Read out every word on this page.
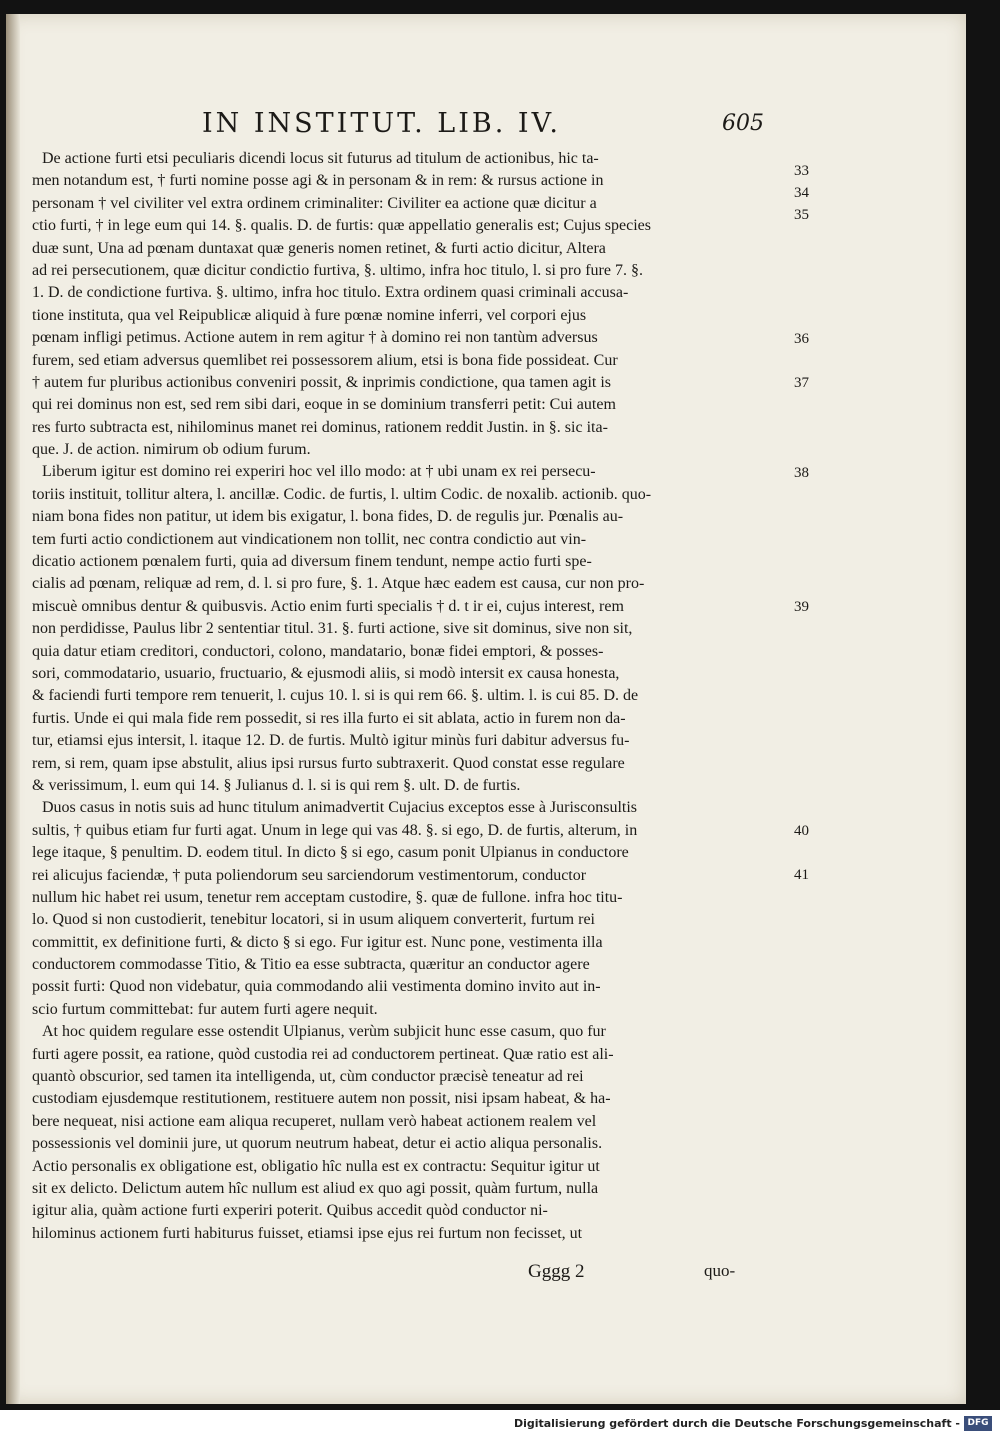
IN INSTITUT. LIB. IV.	605
De actione furti etsi peculiaris dicendi locus sit futurus ad titulum de actionibus, hic ta-
men notandum est, † furti nomine posse agi & in personam & in rem: & rursus actione in
personam † vel civiliter vel extra ordinem criminaliter: Civiliter ea actione quæ dicitur a
ctio furti, † in lege eum qui 14. §. qualis. D. de furtis: quæ appellatio generalis est; Cujus species
duæ sunt, Una ad pœnam duntaxat quæ generis nomen retinet, & furti actio dicitur, Altera
ad rei persecutionem, quæ dicitur condictio furtiva, §. ultimo, infra hoc titulo, l. si pro fure 7. §.
1. D. de condictione furtiva. §. ultimo, infra hoc titulo. Extra ordinem quasi criminali accusa-
tione instituta, qua vel Reipublicæ aliquid à fure pœnæ nomine inferri, vel corpori ejus
pœnam infligi petimus. Actione autem in rem agitur † à domino rei non tantùm adversus
furem, sed etiam adversus quemlibet rei possessorem alium, etsi is bona fide possideat. Cur
† autem fur pluribus actionibus conveniri possit, & inprimis condictione, qua tamen agit is
qui rei dominus non est, sed rem sibi dari, eoque in se dominium transferri petit: Cui autem
res furto subtracta est, nihilominus manet rei dominus, rationem reddit Justin. in §. sic ita-
que. J. de action. nimirum ob odium furum.
Liberum igitur est domino rei experiri hoc vel illo modo: at † ubi unam ex rei persecu-
toriis instituit, tollitur altera, l. ancillæ. Codic. de furtis, l. ultim Codic. de noxalib. actionib. quo-
niam bona fides non patitur, ut idem bis exigatur, l. bona fides, D. de regulis jur. Pœnalis au-
tem furti actio condictionem aut vindicationem non tollit, nec contra condictio aut vin-
dicatio actionem pœnalem furti, quia ad diversum finem tendunt, nempe actio furti spe-
cialis ad pœnam, reliquæ ad rem, d. l. si pro fure, §. 1. Atque hæc eadem est causa, cur non pro-
miscuè omnibus dentur & quibusvis. Actio enim furti specialis † d. t ir ei, cujus interest, rem
non perdidisse, Paulus libr 2 sententiar titul. 31. §. furti actione, sive sit dominus, sive non sit,
quia datur etiam creditori, conductori, colono, mandatario, bonæ fidei emptori, & posses-
sori, commodatario, usuario, fructuario, & ejusmodi aliis, si modò intersit ex causa honesta,
& faciendi furti tempore rem tenuerit, l. cujus 10. l. si is qui rem 66. §. ultim. l. is cui 85. D. de
furtis. Unde ei qui mala fide rem possedit, si res illa furto ei sit ablata, actio in furem non da-
tur, etiamsi ejus intersit, l. itaque 12. D. de furtis. Multò igitur minùs furi dabitur adversus fu-
rem, si rem, quam ipse abstulit, alius ipsi rursus furto subtraxerit. Quod constat esse regulare
& verissimum, l. eum qui 14. § Julianus d. l. si is qui rem §. ult. D. de furtis.
Duos casus in notis suis ad hunc titulum animadvertit Cujacius exceptos esse à Jurisconsultis
sultis, † quibus etiam fur furti agat. Unum in lege qui vas 48. §. si ego, D. de furtis, alterum, in
lege itaque, § penultim. D. eodem titul. In dicto § si ego, casum ponit Ulpianus in conductore
rei alicujus faciendæ, † puta poliendorum seu sarciendorum vestimentorum, conductor
nullum hic habet rei usum, tenetur rem acceptam custodire, §. quæ de fullone. infra hoc titu-
lo. Quod si non custodierit, tenebitur locatori, si in usum aliquem converterit, furtum rei
committit, ex definitione furti, & dicto § si ego. Fur igitur est. Nunc pone, vestimenta illa
conductorem commodasse Titio, & Titio ea esse subtracta, quæritur an conductor agere
possit furti: Quod non videbatur, quia commodando alii vestimenta domino invito aut in-
scio furtum committebat: fur autem furti agere nequit.
At hoc quidem regulare esse ostendit Ulpianus, verùm subjicit hunc esse casum, quo fur
furti agere possit, ea ratione, quòd custodia rei ad conductorem pertineat. Quæ ratio est ali-
quantò obscurior, sed tamen ita intelligenda, ut, cùm conductor præcisè teneatur ad rei
custodiam ejusdemque restitutionem, restituere autem non possit, nisi ipsam habeat, & ha-
bere nequeat, nisi actione eam aliqua recuperet, nullam verò habeat actionem realem vel
possessionis vel dominii jure, ut quorum neutrum habeat, detur ei actio aliqua personalis.
Actio personalis ex obligatione est, obligatio hîc nulla est ex contractu: Sequitur igitur ut
sit ex delicto. Delictum autem hîc nullum est aliud ex quo agi possit, quàm furtum, nulla
igitur alia, quàm actione furti experiri poterit. Quibus accedit quòd conductor ni-
hilominus actionem furti habiturus fuisset, etiamsi ipse ejus rei furtum non fecisset, ut
33
34
35
36
37
38
39
40
41
Gggg 2	quo-
Digitalisierung gefördert durch die Deutsche Forschungsgemeinschaft - DFG
